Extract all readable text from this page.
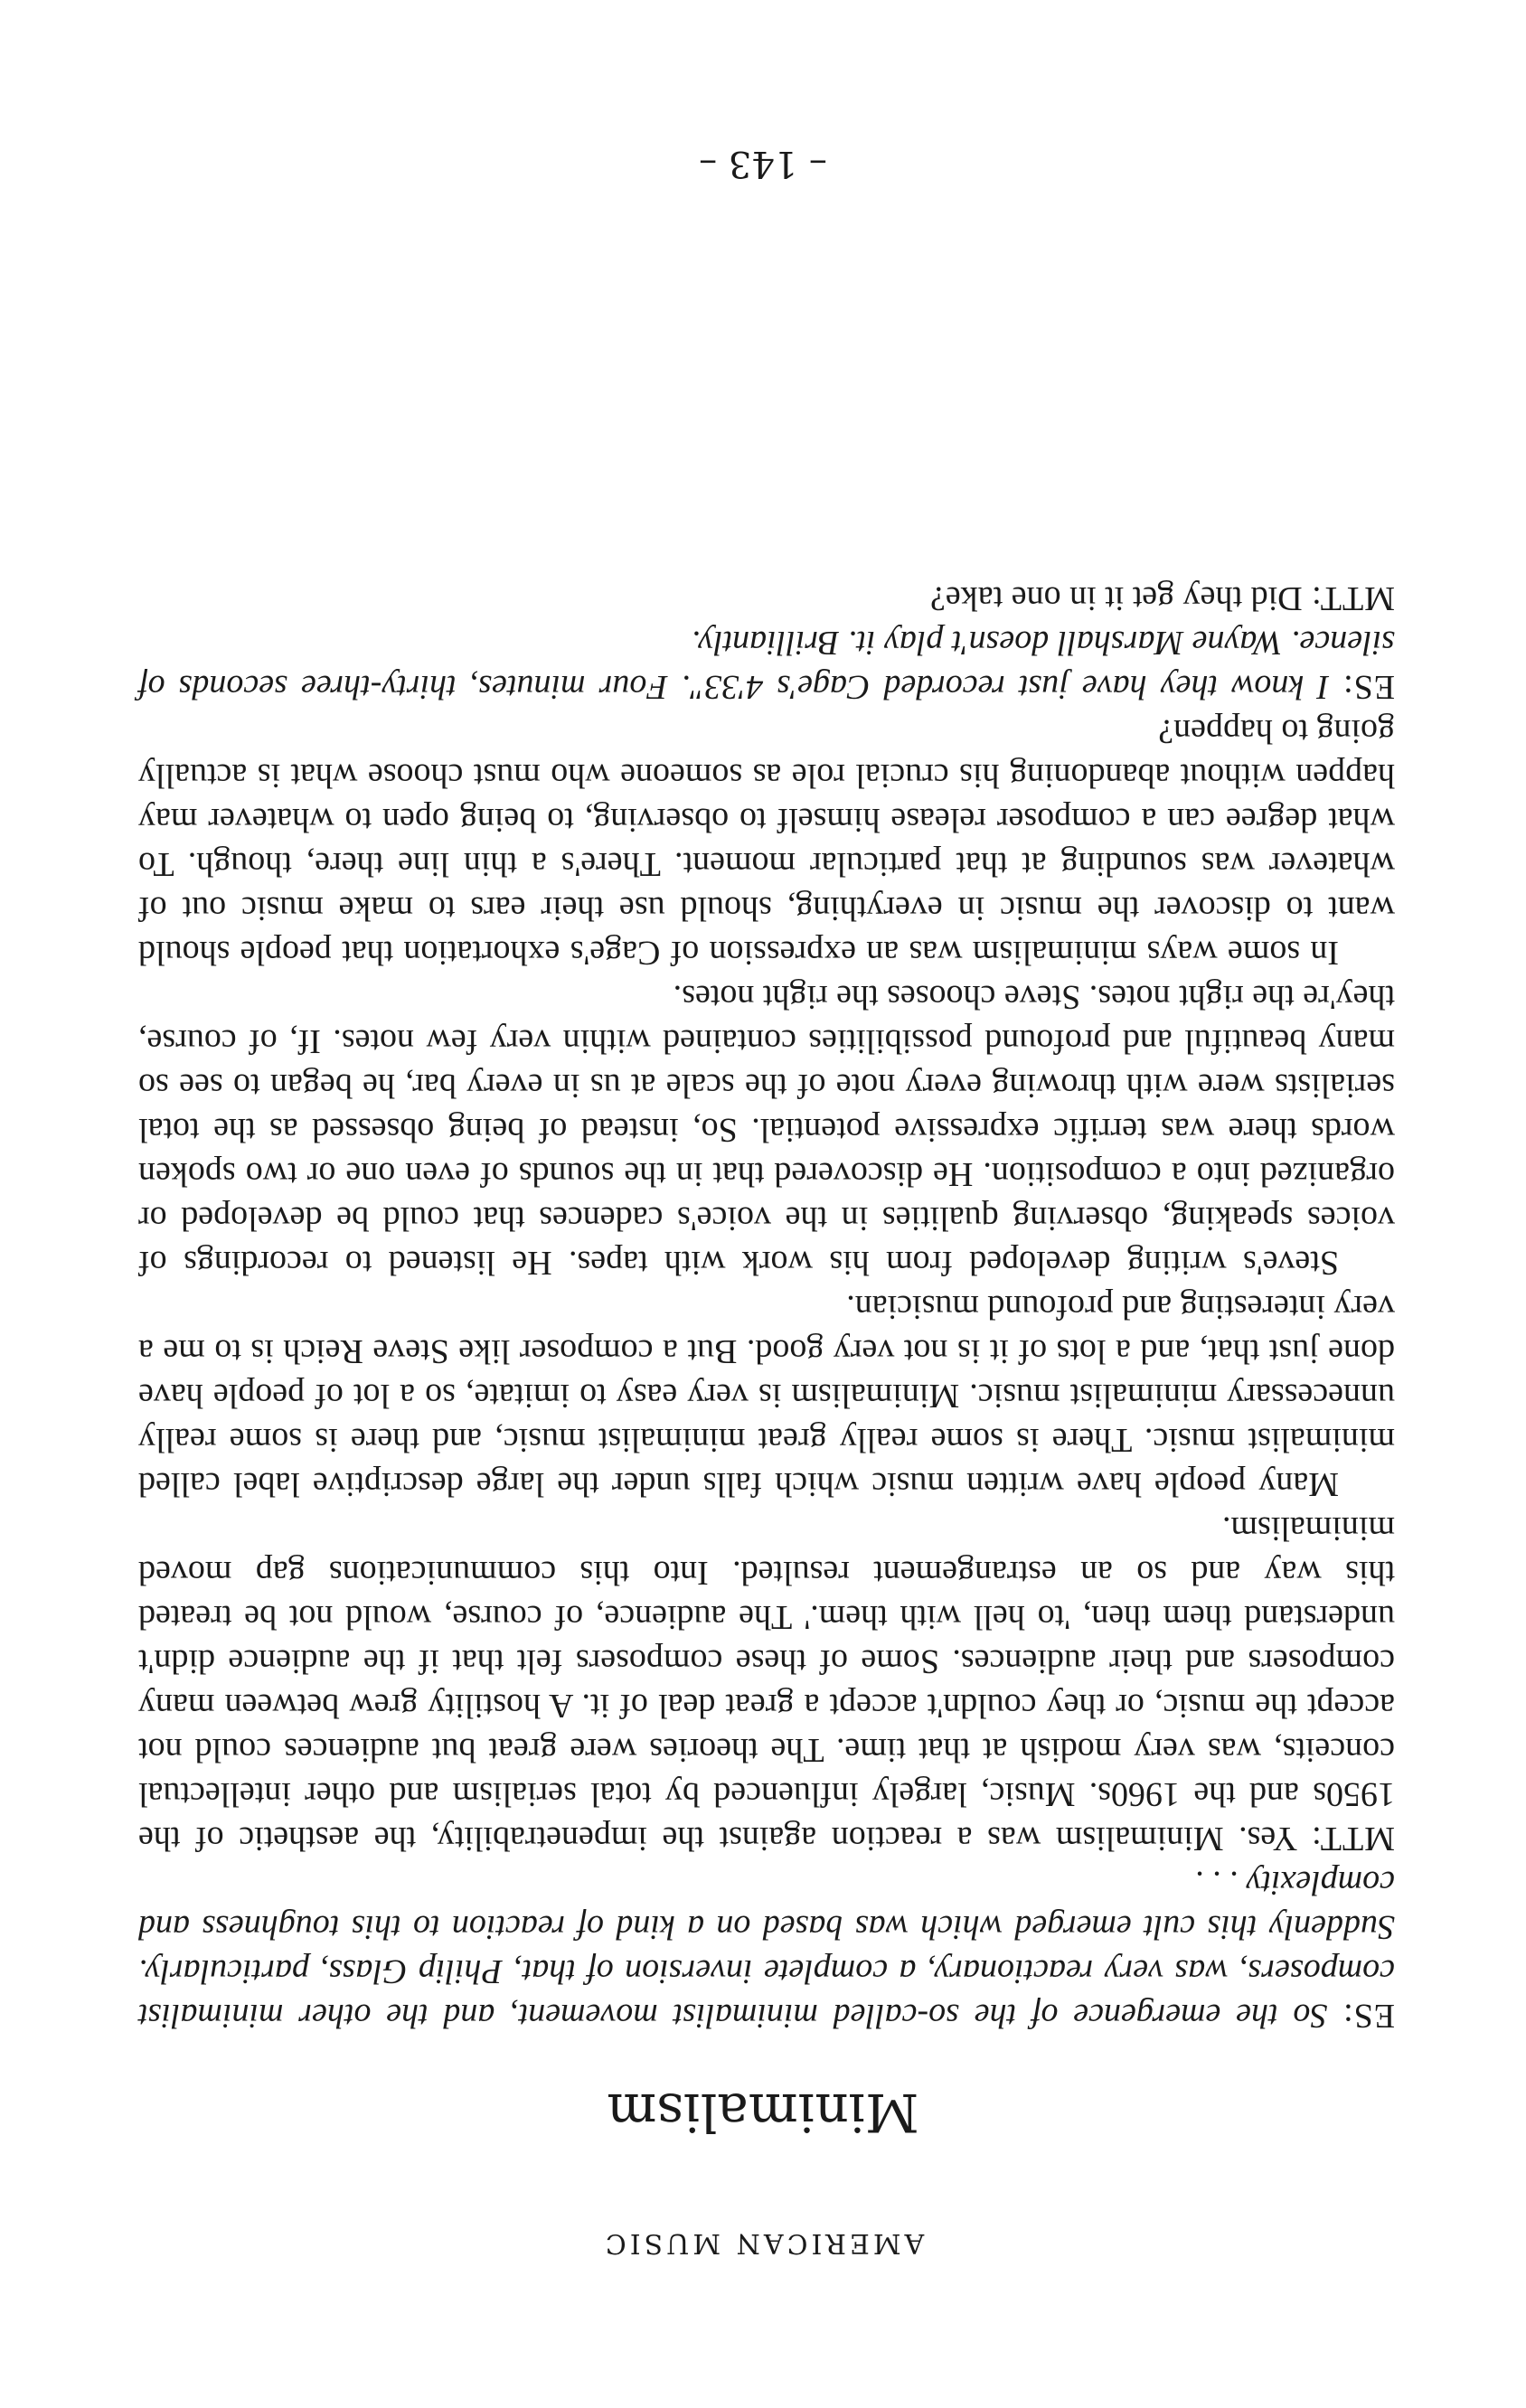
AMERICAN MUSIC
Minimalism

ES: So the emergence of the so-called minimalist movement, and the other minimalist composers, was very reactionary, a complete inversion of that, Philip Glass, particularly. Suddenly this cult emerged which was based on a kind of reaction to this toughness and complexity . . .

MTT: Yes. Minimalism was a reaction against the impenetrability, the aesthetic of the 1950s and the 1960s. Music, largely influenced by total serialism and other intellectual conceits, was very modish at that time. The theories were great but audiences could not accept the music, or they couldn't accept a great deal of it. A hostility grew between many composers and their audiences. Some of these composers felt that if the audience didn't understand them then, 'to hell with them.' The audience, of course, would not be treated this way and so an estrangement resulted. Into this communications gap moved minimalism.

Many people have written music which falls under the large descriptive label called minimalist music. There is some really great minimalist music, and there is some really unnecessary minimalist music. Minimalism is very easy to imitate, so a lot of people have done just that, and a lots of it is not very good. But a composer like Steve Reich is to me a very interesting and profound musician.

Steve's writing developed from his work with tapes. He listened to recordings of voices speaking, observing qualities in the voice's cadences that could be developed or organized into a composition. He discovered that in the sounds of even one or two spoken words there was terrific expressive potential. So, instead of being obsessed as the total serialists were with throwing every note of the scale at us in every bar, he began to see so many beautiful and profound possibilities contained within very few notes. If, of course, they're the right notes. Steve chooses the right notes.

In some ways minimalism was an expression of Cage's exhortation that people should want to discover the music in everything, should use their ears to make music out of whatever was sounding at that particular moment. There's a thin line there, though. To what degree can a composer release himself to observing, to being open to whatever may happen without abandoning his crucial role as someone who must choose what is actually going to happen?

ES: I know they have just recorded Cage's 4'33". Four minutes, thirty-three seconds of silence. Wayne Marshall doesn't play it. Brilliantly.

MTT: Did they get it in one take?

– 143 –
